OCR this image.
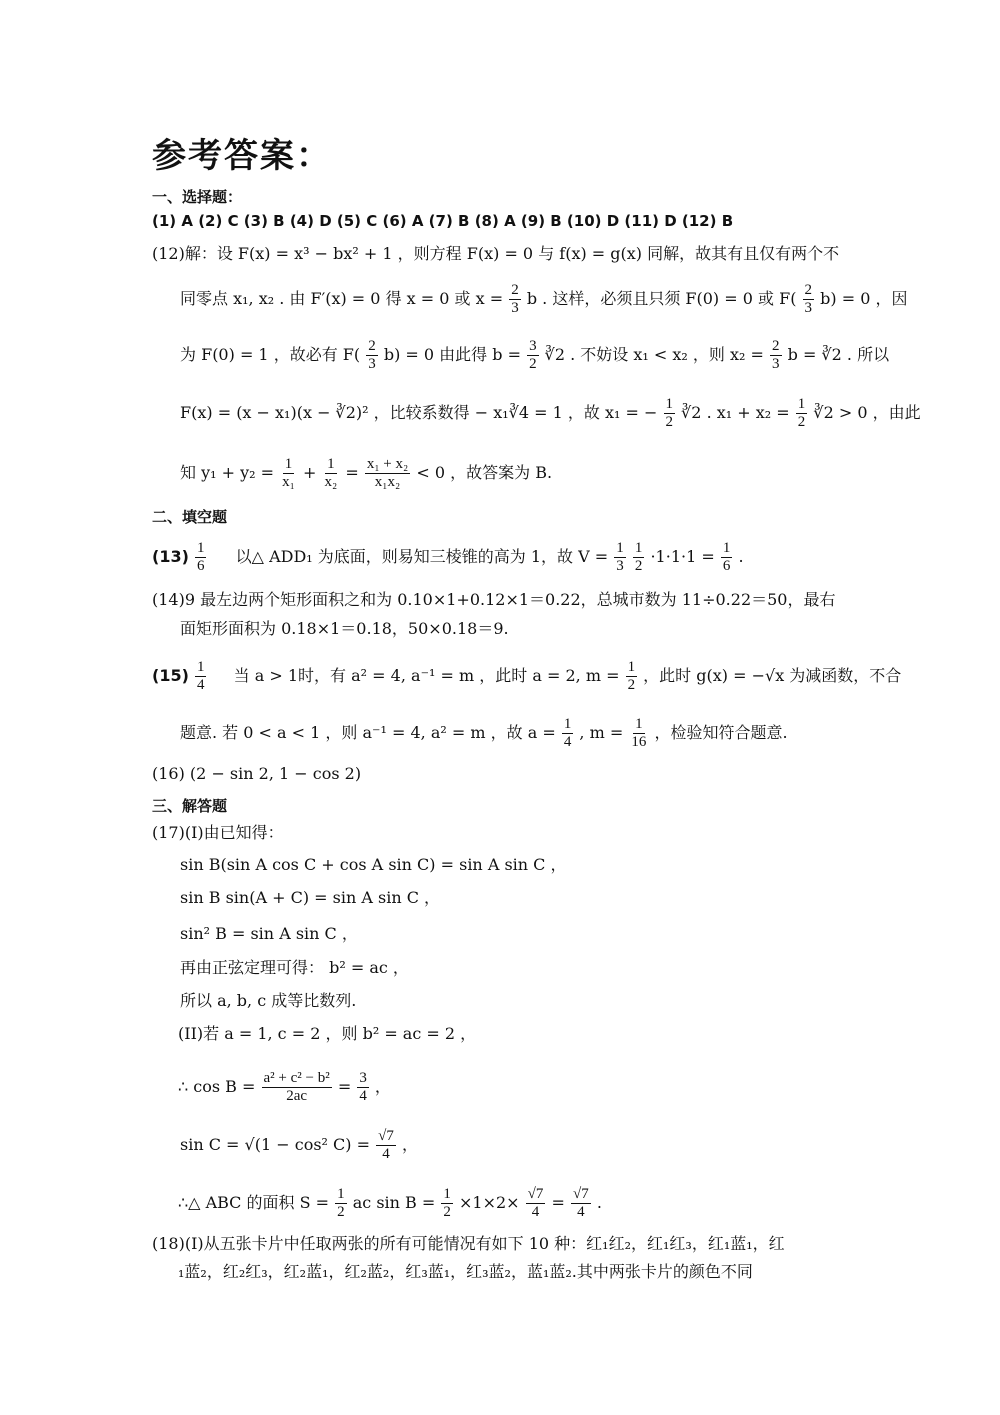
参考答案：
一、选择题：
(1) A (2) C (3) B (4) D (5) C (6) A (7) B (8) A (9) B (10) D (11) D (12) B
(12)解：设 F(x) = x³ − bx² + 1 ，则方程 F(x) = 0 与 f(x) = g(x) 同解，故其有且仅有两个不
同零点 x₁, x₂ . 由 F′(x) = 0 得 x = 0 或 $x = \frac{2}{3}$ b . 这样，必须且只须 F(0) = 0 或 $F( \frac{2}{3} b) = 0$ ，因
为 F(0) = 1 ，故必有 $F( \frac{2}{3} b) = 0$ 由此得 $b = \frac{3}{2}$ ∛2 . 不妨设 x₁ < x₂ ，则 $x_2 = \frac{2}{3}$ b = ∛2 . 所以
F(x) = (x − x₁)(x − ∛2)² ，比较系数得 − x₁∛4 = 1 ，故 x₁ = − $\frac{1}{2}$ ∛2 . $x_1 + x_2 = \frac{1}{2}$ ∛2 > 0 ，由此
知 $y_1 + y_2 = \frac{1}{\text{x₁}} + \frac{1}{\text{x₂}} = \frac{\text{x₁ + x₂}}{\text{x₁x₂}} < 0$ ，故答案为 B.
二、填空题
$(13) \frac{1}{6}$ 以△ ADD₁ 为底面，则易知三棱锥的高为 1，故 $V = \frac{1}{3}$
$\frac{1}{2} \cdot 1\cdot 1\cdot 1 = \frac{1}{6}$ .
(14)9 最左边两个矩形面积之和为 0.10×1+0.12×1＝0.22，总城市数为 11÷0.22＝50，最右
面矩形面积为 0.18×1＝0.18，50×0.18＝9.
$(15) \frac{1}{4}$ 当 a > 1时，有 a² = 4, a⁻¹ = m ，此时 a = 2, $m = \frac{1}{2}$ ，此时 g(x) = −√x 为减函数，不合
题意. 若 0 < a < 1 ，则 a⁻¹ = 4, a² = m ，故 $a = \frac{1}{4}$ , $m = \frac{1}{16}$ ，检验知符合题意.
(16) (2 − sin 2, 1 − cos 2)
三、解答题
(17)(I)由已知得：
sin B(sin A cos C + cos A sin C) = sin A sin C ，
sin B sin(A + C) = sin A sin C ，
sin² B = sin A sin C ，
再由正弦定理可得： b² = ac ，
所以 a, b, c 成等比数列.
(II)若 a = 1, c = 2 ，则 b² = ac = 2 ，
∴ $\cos B = \frac{\text{a² + c² − b²}}{2ac} = \frac{3}{4}$ ，
sin C = √(1 − cos² $C) = \frac{√7}{4}$ ，
∴△ ABC 的面积 $S = \frac{1}{2}$ ac $\sin B = \frac{1}{2} \times 1\times 2\times \frac{√7}{4} = \frac{√7}{4}$ .
(18)(I)从五张卡片中任取两张的所有可能情况有如下 10 种：红₁红₂，红₁红₃，红₁蓝₁，红
₁蓝₂，红₂红₃，红₂蓝₁，红₂蓝₂，红₃蓝₁，红₃蓝₂，蓝₁蓝₂.其中两张卡片的颜色不同
